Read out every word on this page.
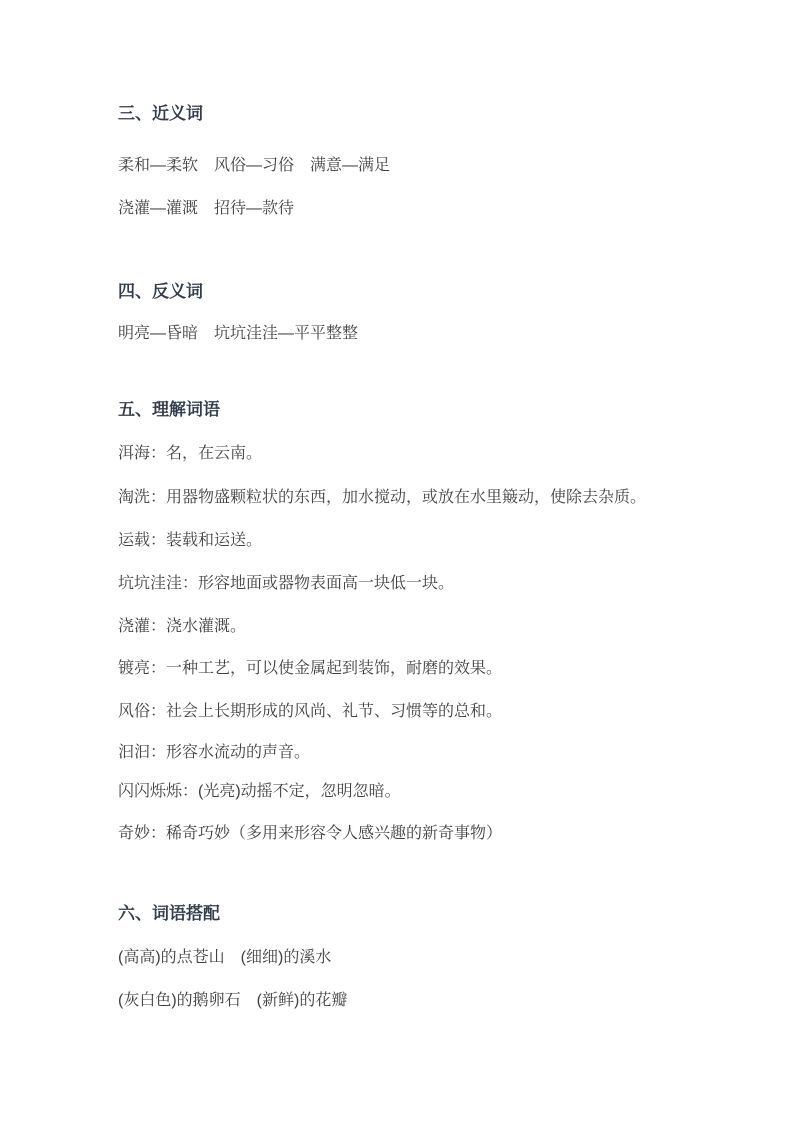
三、近义词

柔和—柔软　风俗—习俗　满意—满足

浇灌—灌溉　招待—款待

四、反义词

明亮—昏暗　坑坑洼洼—平平整整

五、理解词语

洱海：名，在云南。

淘洗：用器物盛颗粒状的东西，加水搅动，或放在水里簸动，使除去杂质。

运载：装载和运送。

坑坑洼洼：形容地面或器物表面高一块低一块。

浇灌：浇水灌溉。

镀亮：一种工艺，可以使金属起到装饰，耐磨的效果。

风俗：社会上长期形成的风尚、礼节、习惯等的总和。

汩汩：形容水流动的声音。

闪闪烁烁：(光亮)动摇不定，忽明忽暗。

奇妙：稀奇巧妙（多用来形容令人感兴趣的新奇事物）

六、词语搭配

(高高)的点苍山　(细细)的溪水

(灰白色)的鹅卵石　(新鲜)的花瓣
